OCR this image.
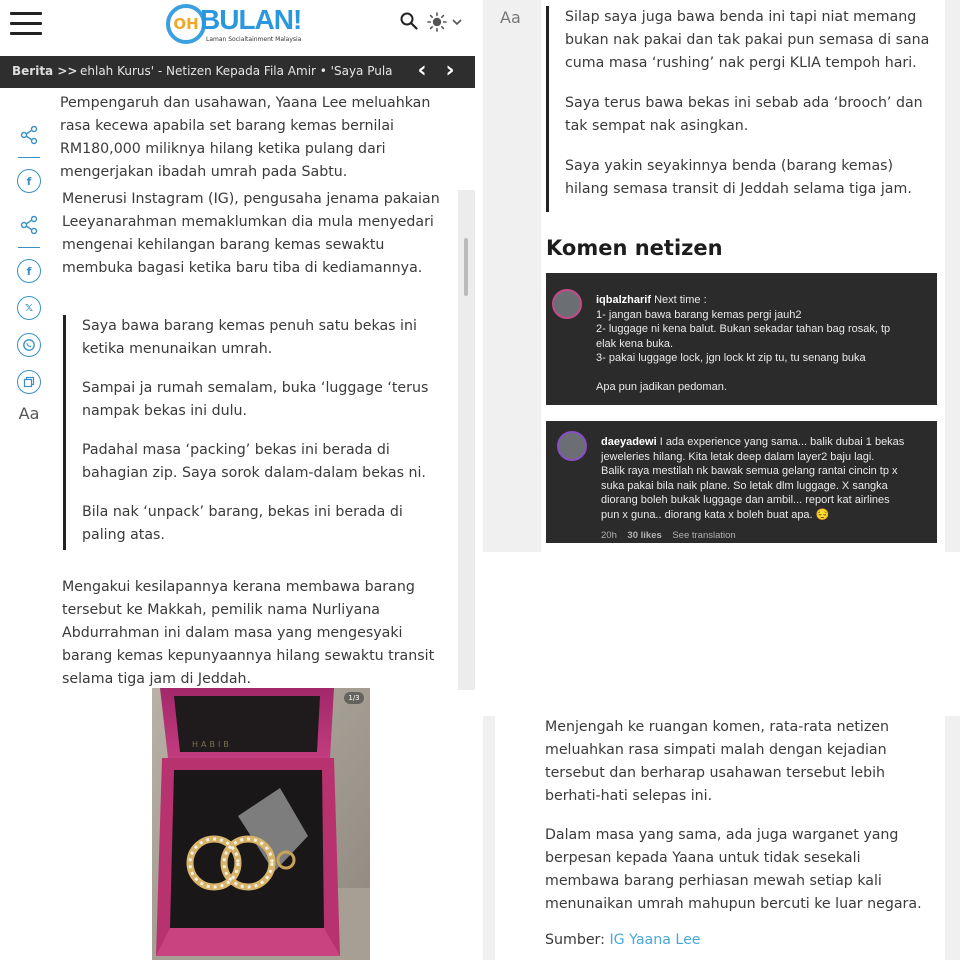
OH BULAN!
Laman Socialtainment Malaysia
Berita >> ehlah Kurus' - Netizen Kepada Fila Amir • 'Saya Pula	‹ ›
f
Pempengaruh dan usahawan, Yaana Lee meluahkan rasa kecewa apabila set barang kemas bernilai RM180,000 miliknya hilang ketika pulang dari mengerjakan ibadah umrah pada Sabtu.
f
𝕏
Aa
Menerusi Instagram (IG), pengusaha jenama pakaian Leeyanarahman memaklumkan dia mula menyedari mengenai kehilangan barang kemas sewaktu membuka bagasi ketika baru tiba di kediamannya.

Saya bawa barang kemas penuh satu bekas ini ketika menunaikan umrah.

Sampai ja rumah semalam, buka ‘luggage ‘terus nampak bekas ini dulu.

Padahal masa ‘packing’ bekas ini berada di bahagian zip. Saya sorok dalam-dalam bekas ni.

Bila nak ‘unpack’ barang, bekas ini berada di paling atas.

Mengakui kesilapannya kerana membawa barang tersebut ke Makkah, pemilik nama Nurliyana Abdurrahman ini dalam masa yang mengesyaki barang kemas kepunyaannya hilang sewaktu transit selama tiga jam di Jeddah.
HABIB
1/3
Aa	Silap saya juga bawa benda ini tapi niat memang bukan nak pakai dan tak pakai pun semasa di sana cuma masa ‘rushing’ nak pergi KLIA tempoh hari.

Saya terus bawa bekas ini sebab ada ‘brooch’ dan tak sempat nak asingkan.

Saya yakin seyakinnya benda (barang kemas) hilang semasa transit di Jeddah selama tiga jam.

Komen netizen
iqbalzharif Next time :
1- jangan bawa barang kemas pergi jauh2
2- luggage ni kena balut. Bukan sekadar tahan bag rosak, tp
elak kena buka.
3- pakai luggage lock, jgn lock kt zip tu, tu senang buka

Apa pun jadikan pedoman.
daeyadewi I ada experience yang sama... balik dubai 1 bekas
jeweleries hilang. Kita letak deep dalam layer2 baju lagi.
Balik raya mestilah nk bawak semua gelang rantai cincin tp x
suka pakai bila naik plane. So letak dlm luggage. X sangka
diorang boleh bukak luggage dan ambil... report kat airlines
pun x guna.. diorang kata x boleh buat apa. 😔
20h 30 likes See translation
Menjengah ke ruangan komen, rata-rata netizen meluahkan rasa simpati malah dengan kejadian tersebut dan berharap usahawan tersebut lebih berhati-hati selepas ini.
Dalam masa yang sama, ada juga warganet yang berpesan kepada Yaana untuk tidak sesekali membawa barang perhiasan mewah setiap kali menunaikan umrah mahupun bercuti ke luar negara.
Sumber: IG Yaana Lee
